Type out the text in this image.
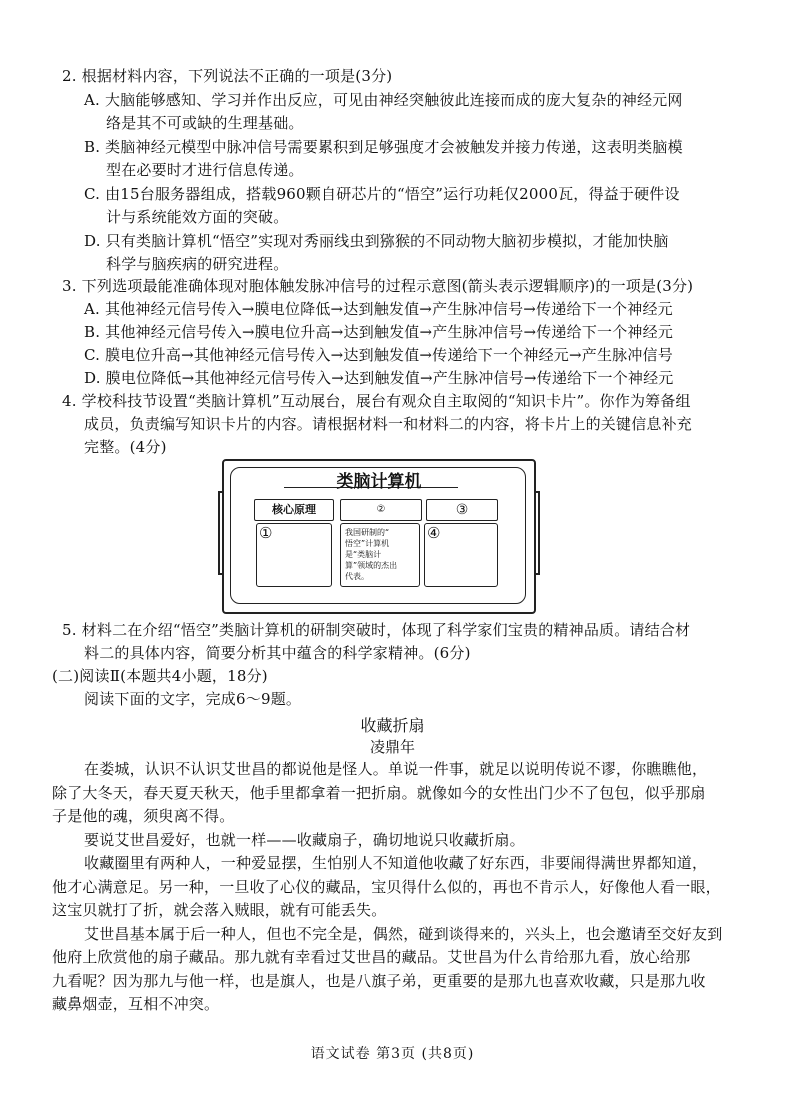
2. 根据材料内容，下列说法不正确的一项是(3分)
A. 大脑能够感知、学习并作出反应，可见由神经突触彼此连接而成的庞大复杂的神经元网
络是其不可或缺的生理基础。
B. 类脑神经元模型中脉冲信号需要累积到足够强度才会被触发并接力传递，这表明类脑模
型在必要时才进行信息传递。
C. 由15台服务器组成，搭载960颗自研芯片的“悟空”运行功耗仅2000瓦，得益于硬件设
计与系统能效方面的突破。
D. 只有类脑计算机“悟空”实现对秀丽线虫到猕猴的不同动物大脑初步模拟，才能加快脑
科学与脑疾病的研究进程。
3. 下列选项最能准确体现对胞体触发脉冲信号的过程示意图(箭头表示逻辑顺序)的一项是(3分)
A. 其他神经元信号传入→膜电位降低→达到触发值→产生脉冲信号→传递给下一个神经元
B. 其他神经元信号传入→膜电位升高→达到触发值→产生脉冲信号→传递给下一个神经元
C. 膜电位升高→其他神经元信号传入→达到触发值→传递给下一个神经元→产生脉冲信号
D. 膜电位降低→其他神经元信号传入→达到触发值→产生脉冲信号→传递给下一个神经元
4. 学校科技节设置“类脑计算机”互动展台，展台有观众自主取阅的“知识卡片”。你作为筹备组
成员，负责编写知识卡片的内容。请根据材料一和材料二的内容，将卡片上的关键信息补充
完整。(4分)
类脑计算机
核心原理	②	③
①	我国研制的“
悟空”计算机
是“类脑计
算”领域的杰出
代表。
④
5. 材料二在介绍“悟空”类脑计算机的研制突破时，体现了科学家们宝贵的精神品质。请结合材
料二的具体内容，简要分析其中蕴含的科学家精神。(6分)
(二)阅读Ⅱ(本题共4小题，18分)
阅读下面的文字，完成6～9题。
收藏折扇
凌鼎年
在娄城，认识不认识艾世昌的都说他是怪人。单说一件事，就足以说明传说不谬，你瞧瞧他，
除了大冬天，春天夏天秋天，他手里都拿着一把折扇。就像如今的女性出门少不了包包，似乎那扇
子是他的魂，须臾离不得。
要说艾世昌爱好，也就一样——收藏扇子，确切地说只收藏折扇。
收藏圈里有两种人，一种爱显摆，生怕别人不知道他收藏了好东西，非要闹得满世界都知道，
他才心满意足。另一种，一旦收了心仪的藏品，宝贝得什么似的，再也不肯示人，好像他人看一眼，
这宝贝就打了折，就会落入贼眼，就有可能丢失。
艾世昌基本属于后一种人，但也不完全是，偶然，碰到谈得来的，兴头上，也会邀请至交好友到
他府上欣赏他的扇子藏品。那九就有幸看过艾世昌的藏品。艾世昌为什么肯给那九看，放心给那
九看呢？因为那九与他一样，也是旗人，也是八旗子弟，更重要的是那九也喜欢收藏，只是那九收
藏鼻烟壶，互相不冲突。
语文试卷 第3页 (共8页)
